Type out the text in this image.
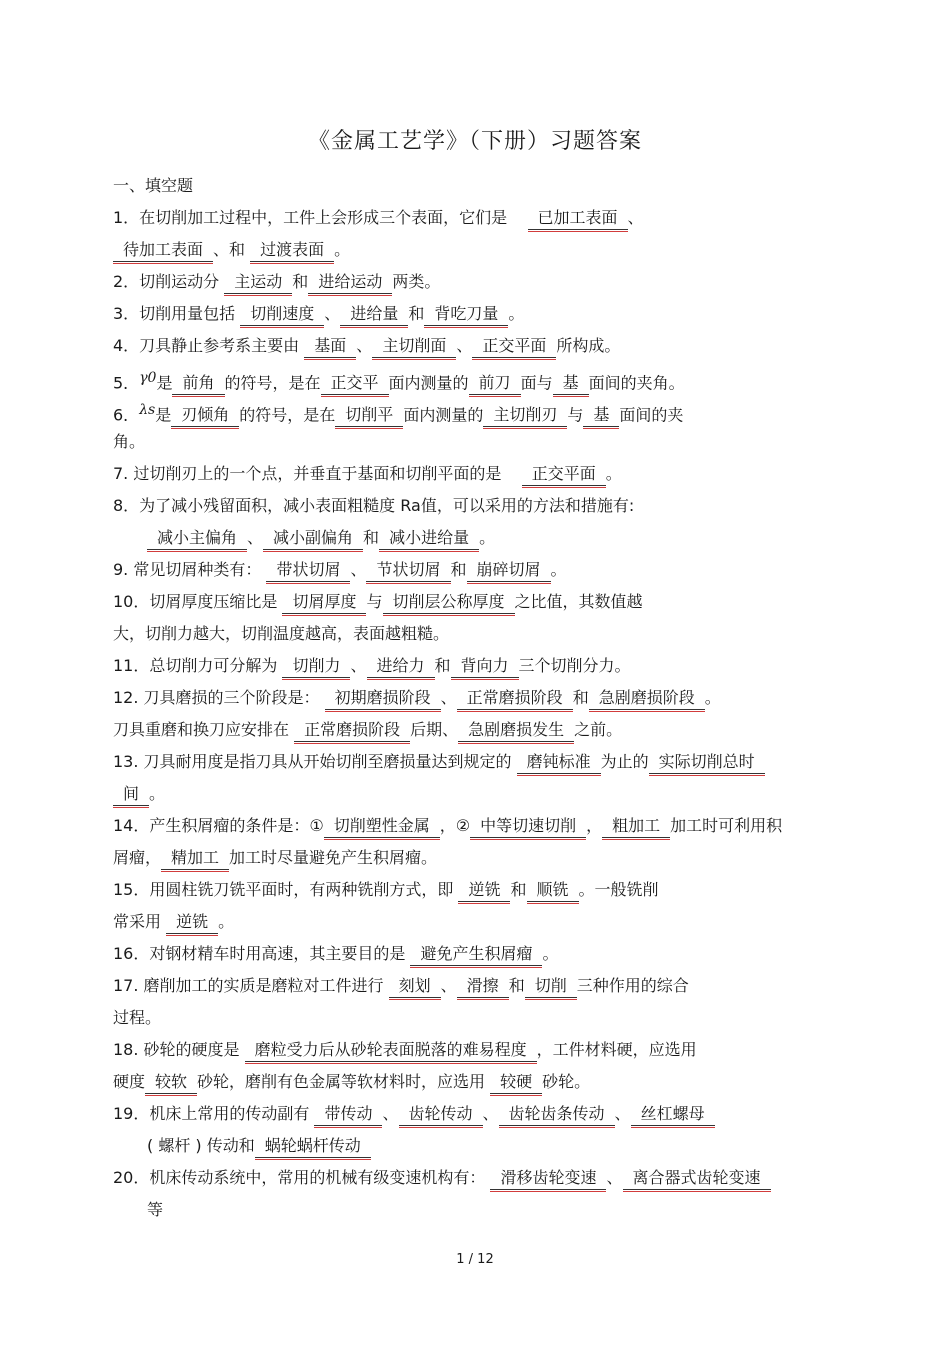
《金属工艺学》（下册）习题答案
一、填空题
1．在切削加工过程中，工件上会形成三个表面，它们是 已加工表面 、
待加工表面 、和 过渡表面 。
2．切削运动分 主运动 和 进给运动 两类。
3．切削用量包括 切削速度 、 进给量 和 背吃刀量 。
4．刀具静止参考系主要由 基面 、 主切削面 、 正交平面 所构成。
5．γ0是 前角 的符号，是在 正交平 面内测量的 前刀 面与 基 面间的夹角。
6．λs是 刃倾角 的符号，是在 切削平 面内测量的 主切削刃 与 基 面间的夹
角。
7. 过切削刃上的一个点，并垂直于基面和切削平面的是 正交平面 。
8．为了减小残留面积，减小表面粗糙度 Ra值，可以采用的方法和措施有:
减小主偏角 、 减小副偏角 和 减小进给量 。
9. 常见切屑种类有： 带状切屑 、 节状切屑 和 崩碎切屑 。
10．切屑厚度压缩比是 切屑厚度 与 切削层公称厚度 之比值，其数值越
大，切削力越大，切削温度越高，表面越粗糙。
11．总切削力可分解为 切削力 、 进给力 和 背向力 三个切削分力。
12. 刀具磨损的三个阶段是： 初期磨损阶段 、 正常磨损阶段 和 急剧磨损阶段 。
刀具重磨和换刀应安排在 正常磨损阶段 后期、 急剧磨损发生 之前。
13. 刀具耐用度是指刀具从开始切削至磨损量达到规定的 磨钝标准 为止的 实际切削总时
间 。
14．产生积屑瘤的条件是：① 切削塑性金属 ，② 中等切速切削 ， 粗加工 加工时可利用积
屑瘤， 精加工 加工时尽量避免产生积屑瘤。
15．用圆柱铣刀铣平面时，有两种铣削方式，即 逆铣 和 顺铣 。一般铣削
常采用 逆铣 。
16．对钢材精车时用高速，其主要目的是 避免产生积屑瘤 。
17. 磨削加工的实质是磨粒对工件进行 刻划 、 滑擦 和 切削 三种作用的综合
过程。
18. 砂轮的硬度是 磨粒受力后从砂轮表面脱落的难易程度 ，工件材料硬，应选用
硬度 较软 砂轮，磨削有色金属等软材料时，应选用 较硬 砂轮。
19．机床上常用的传动副有 带传动 、 齿轮传动 、 齿轮齿条传动 、 丝杠螺母
( 螺杆 ) 传动和 蜗轮蜗杆传动
20．机床传动系统中，常用的机械有级变速机构有： 滑移齿轮变速 、 离合器式齿轮变速
等
1 / 12
